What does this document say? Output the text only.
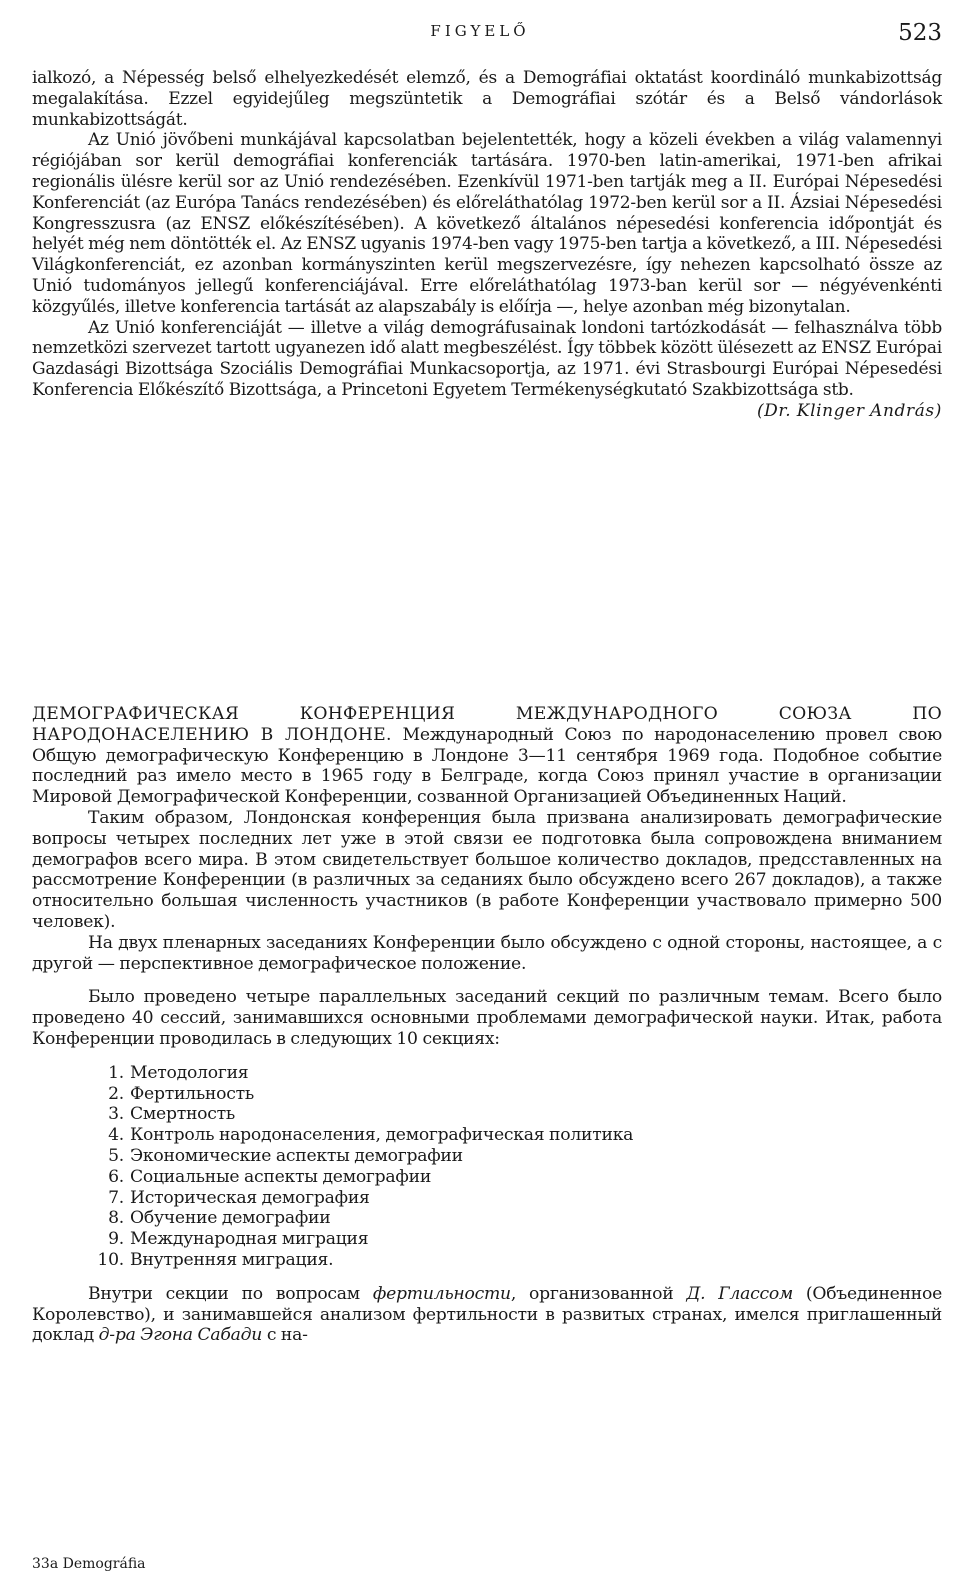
FIGYELŐ	523

ialkozó, a Népesség belső elhelyezkedését elemző, és a Demográfiai oktatást koordináló munkabizottság megalakítása. Ezzel egyidejűleg megszüntetik a Demográfiai szótár és a Belső vándorlások munkabizottságát.

Az Unió jövőbeni munkájával kapcsolatban bejelentették, hogy a közeli években a világ valamennyi régiójában sor kerül demográfiai konferenciák tartására. 1970-ben latin-amerikai, 1971-ben afrikai regionális ülésre kerül sor az Unió rendezésében. Ezenkívül 1971-ben tartják meg a II. Európai Népesedési Konferenciát (az Európa Tanács rendezésében) és előreláthatólag 1972-ben kerül sor a II. Ázsiai Népesedési Kongresszusra (az ENSZ előkészítésében). A következő általános népesedési konferencia időpontját és helyét még nem döntötték el. Az ENSZ ugyanis 1974-ben vagy 1975-ben tartja a következő, a III. Népesedési Világkonferenciát, ez azonban kormányszinten kerül megszervezésre, így nehezen kapcsolható össze az Unió tudományos jellegű konferenciájával. Erre előreláthatólag 1973-ban kerül sor — négyévenkénti közgyűlés, illetve konferencia tartását az alapszabály is előírja —, helye azonban még bizonytalan.

Az Unió konferenciáját — illetve a világ demográfusainak londoni tartózkodását — felhasználva több nemzetközi szervezet tartott ugyanezen idő alatt megbeszélést. Így többek között ülésezett az ENSZ Európai Gazdasági Bizottsága Szociális Demográfiai Munkacsoportja, az 1971. évi Strasbourgi Európai Népesedési Konferencia Előkészítő Bizottsága, a Princetoni Egyetem Termékenységkutató Szakbizottsága stb.

(Dr. Klinger András)

ДЕМОГРАФИЧЕСКАЯ КОНФЕРЕНЦИЯ МЕЖДУНАРОДНОГО СОЮЗА ПО НАРОДОНАСЕЛЕНИЮ В ЛОНДОНЕ. Международный Союз по народонаселению провел свою Общую демографическую Конференцию в Лондоне 3—11 сентября 1969 года. Подобное событие последний раз имело место в 1965 году в Белграде, когда Союз принял участие в организации Мировой Демографической Конференции, созванной Организацией Объединенных Наций.

Таким образом, Лондонская конференция была призвана анализировать демографические вопросы четырех последних лет уже в этой связи ее подготовка была сопровождена вниманием демографов всего мира. В этом свидетельствует большое количество докладов, предсставленных на рассмотрение Конференции (в различных за седаниях было обсуждено всего 267 докладов), а также относительно большая численность участников (в работе Конференции участвовало примерно 500 человек).

На двух пленарных заседаниях Конференции было обсуждено с одной стороны, настоящее, а с другой — перспективное демографическое положение.

Было проведено четыре параллельных заседаний секций по различным темам. Всего было проведено 40 сессий, занимавшихся основными проблемами демографической науки. Итак, работа Конференции проводилась в следующих 10 секциях:

1. Методология
2. Фертильность
3. Смертность
4. Контроль народонаселения, демографическая политика
5. Экономические аспекты демографии
6. Социальные аспекты демографии
7. Историческая демография
8. Обучение демографии
9. Международная миграция
10. Внутренняя миграция.

Внутри секции по вопросам фертильности, организованной Д. Глассом (Объединенное Королевство), и занимавшейся анализом фертильности в развитых странах, имелся приглашенный доклад д-ра Эгона Сабади с на-

33a Demográfia
